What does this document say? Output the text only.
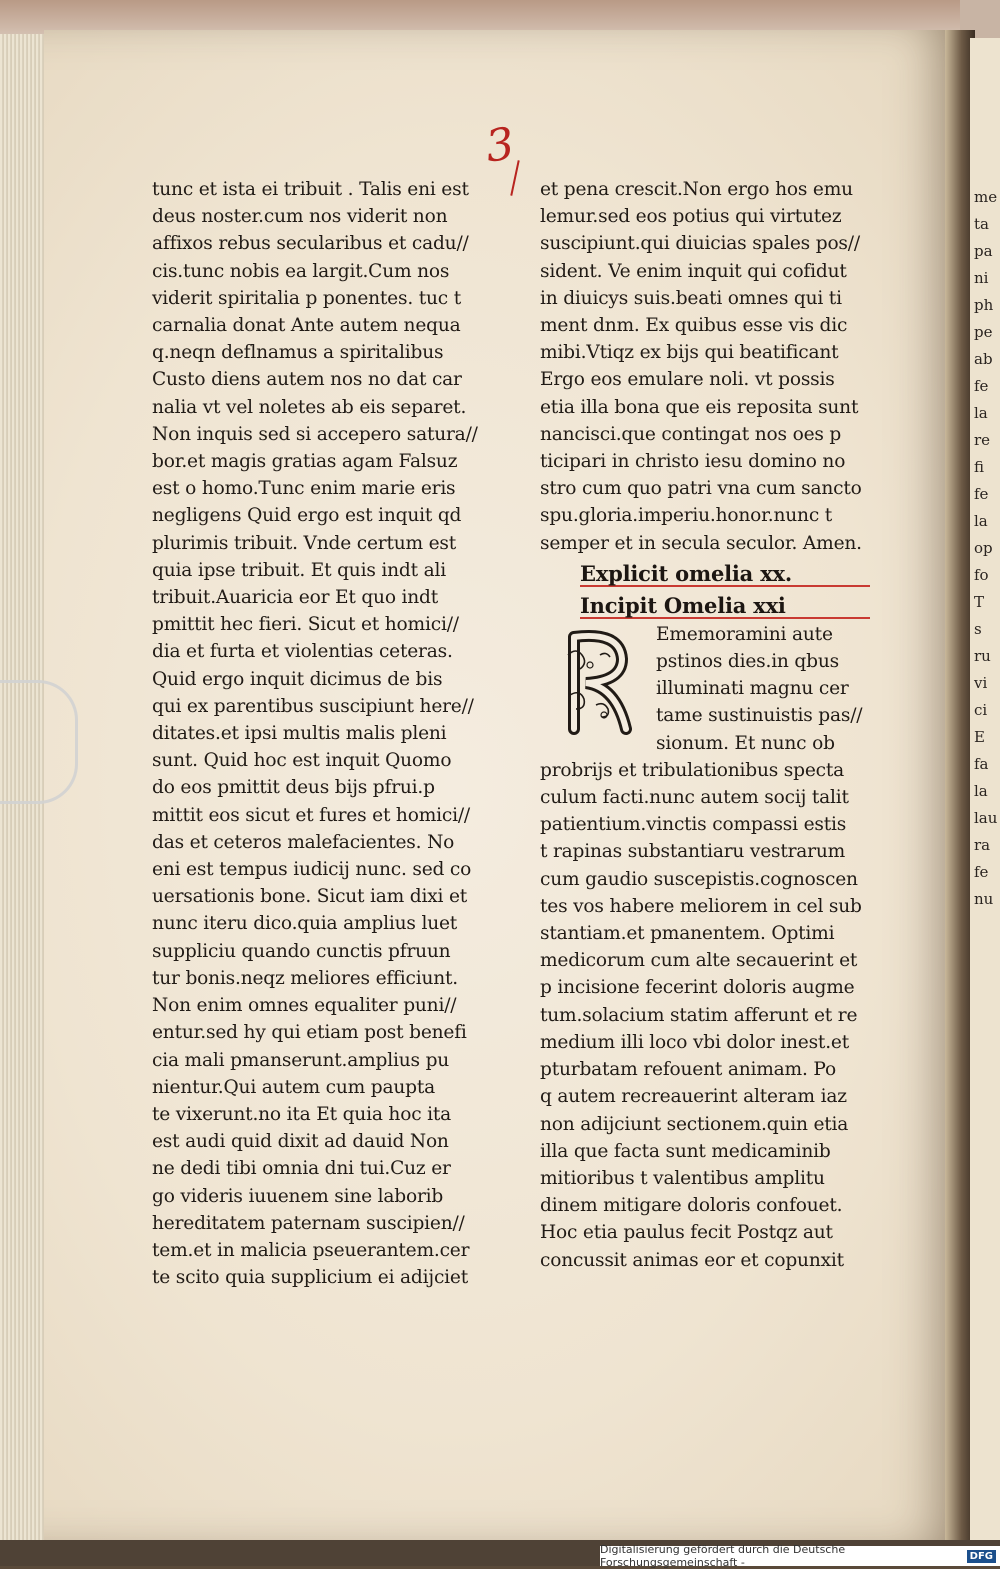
me
ta
pa
ni
ph
pe
ab
fe
la
re
fi
fe
la
op
fo
T
s
ru
vi
ci
E
fa
la
lau
ra
fe
nu
3
tunc et ista ei tribuit . Talis eni est
deus noster.cum nos viderit non
affixos rebus secularibus et cadu//
cis.tunc nobis ea largit.Cum nos
viderit spiritalia p ponentes. tuc t
carnalia donat Ante autem nequa
q.neqn deflnamus a spiritalibus
Custo diens autem nos no dat car
nalia vt vel noletes ab eis separet.
Non inquis sed si accepero satura//
bor.et magis gratias agam Falsuz
est o homo.Tunc enim marie eris
negligens Quid ergo est inquit qd
plurimis tribuit. Vnde certum est
quia ipse tribuit. Et quis indt ali
tribuit.Auaricia eor Et quo indt
pmittit hec fieri. Sicut et homici//
dia et furta et violentias ceteras.
Quid ergo inquit dicimus de bis
qui ex parentibus suscipiunt here//
ditates.et ipsi multis malis pleni
sunt. Quid hoc est inquit Quomo
do eos pmittit deus bijs pfrui.p
mittit eos sicut et fures et homici//
das et ceteros malefacientes. No
eni est tempus iudicij nunc. sed co
uersationis bone. Sicut iam dixi et
nunc iteru dico.quia amplius luet
suppliciu quando cunctis pfruun
tur bonis.neqz meliores efficiunt.
Non enim omnes equaliter puni//
entur.sed hy qui etiam post benefi
cia mali pmanserunt.amplius pu
nientur.Qui autem cum paupta
te vixerunt.no ita Et quia hoc ita
est audi quid dixit ad dauid Non
ne dedi tibi omnia dni tui.Cuz er
go videris iuuenem sine laborib
hereditatem paternam suscipien//
tem.et in malicia pseuerantem.cer
te scito quia supplicium ei adijciet
et pena crescit.Non ergo hos emu
lemur.sed eos potius qui virtutez
suscipiunt.qui diuicias spales pos//
sident. Ve enim inquit qui cofidut
in diuicys suis.beati omnes qui ti
ment dnm. Ex quibus esse vis dic
mibi.Vtiqz ex bijs qui beatificant
Ergo eos emulare noli. vt possis
etia illa bona que eis reposita sunt
nancisci.que contingat nos oes p
ticipari in christo iesu domino no
stro cum quo patri vna cum sancto
spu.gloria.imperiu.honor.nunc t
semper et in secula seculor. Amen.
Explicit omelia xx.
Incipit Omelia xxi
Ememoramini aute
pstinos dies.in qbus
illuminati magnu cer
tame sustinuistis pas//
sionum. Et nunc ob
probrijs et tribulationibus specta
culum facti.nunc autem socij talit
patientium.vinctis compassi estis
t rapinas substantiaru vestrarum
cum gaudio suscepistis.cognoscen
tes vos habere meliorem in cel sub
stantiam.et pmanentem. Optimi
medicorum cum alte secauerint et
p incisione fecerint doloris augme
tum.solacium statim afferunt et re
medium illi loco vbi dolor inest.et
pturbatam refouent animam. Po
q autem recreauerint alteram iaz
non adijciunt sectionem.quin etia
illa que facta sunt medicaminib
mitioribus t valentibus amplitu
dinem mitigare doloris confouet.
Hoc etia paulus fecit Postqz aut
concussit animas eor et copunxit
Digitalisierung gefördert durch die Deutsche Forschungsgemeinschaft -	DFG
